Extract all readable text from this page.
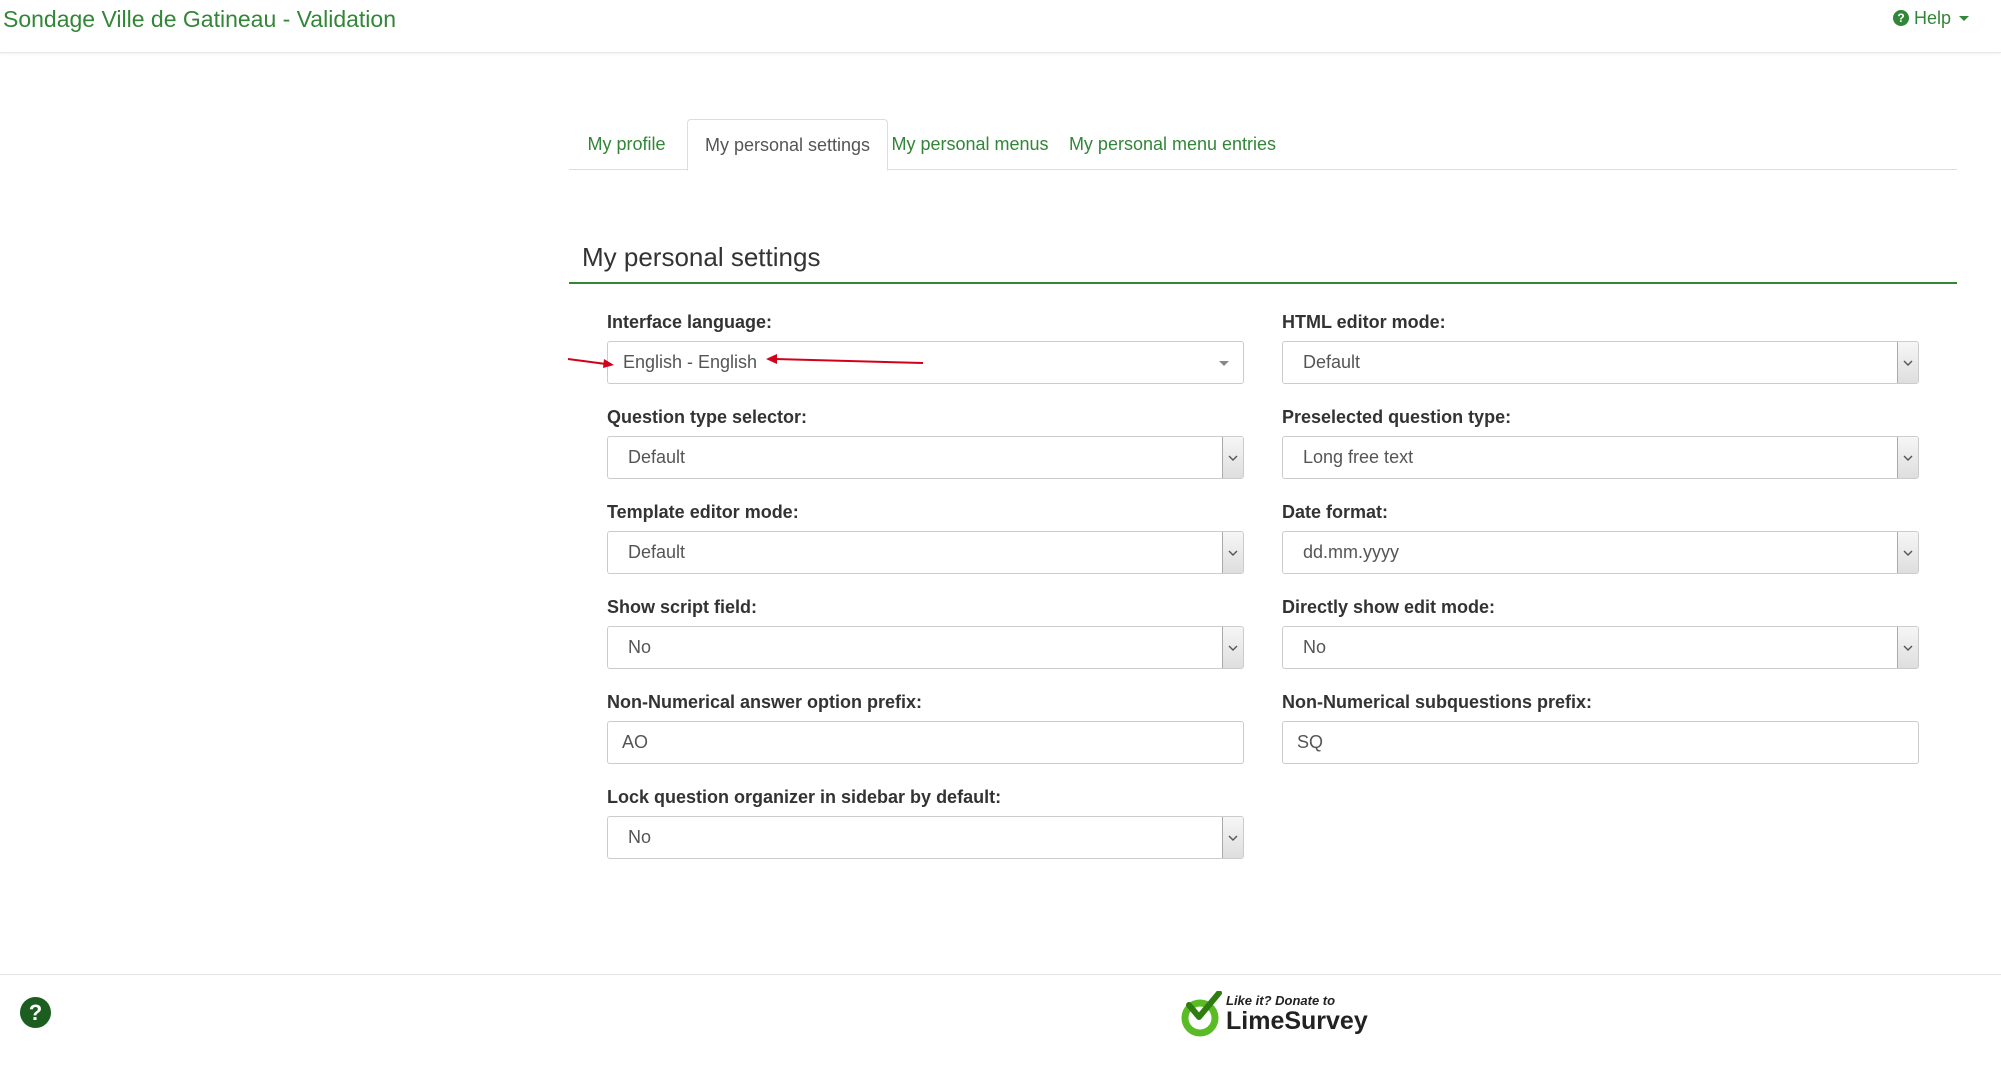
Sondage Ville de Gatineau - Validation	? Help
My profile	My personal settings	My personal menus	My personal menu entries
My personal settings
Interface language:
English - English
Question type selector:
Default
Template editor mode:
Default
Show script field:
No
Non-Numerical answer option prefix:
AO
Lock question organizer in sidebar by default:
No
HTML editor mode:
Default
Preselected question type:
Long free text
Date format:
dd.mm.yyyy
Directly show edit mode:
No
Non-Numerical subquestions prefix:
SQ
?	Like it? Donate to
LimeSurvey
